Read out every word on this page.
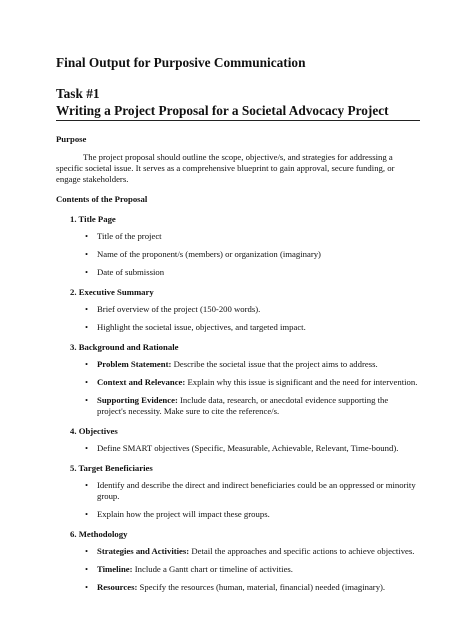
Final Output for Purposive Communication
Task #1
Writing a Project Proposal for a Societal Advocacy Project

Purpose

The project proposal should outline the scope, objective/s, and strategies for addressing a specific societal issue. It serves as a comprehensive blueprint to gain approval, secure funding, or engage stakeholders.

Contents of the Proposal

1. Title Page

• Title of the project
• Name of the proponent/s (members) or organization (imaginary)
• Date of submission

2. Executive Summary

• Brief overview of the project (150-200 words).
• Highlight the societal issue, objectives, and targeted impact.

3. Background and Rationale

• Problem Statement: Describe the societal issue that the project aims to address.
• Context and Relevance: Explain why this issue is significant and the need for intervention.
• Supporting Evidence: Include data, research, or anecdotal evidence supporting the project's necessity. Make sure to cite the reference/s.

4. Objectives

• Define SMART objectives (Specific, Measurable, Achievable, Relevant, Time-bound).

5. Target Beneficiaries

• Identify and describe the direct and indirect beneficiaries could be an oppressed or minority group.
• Explain how the project will impact these groups.

6. Methodology

• Strategies and Activities: Detail the approaches and specific actions to achieve objectives.
• Timeline: Include a Gantt chart or timeline of activities.
• Resources: Specify the resources (human, material, financial) needed (imaginary).
